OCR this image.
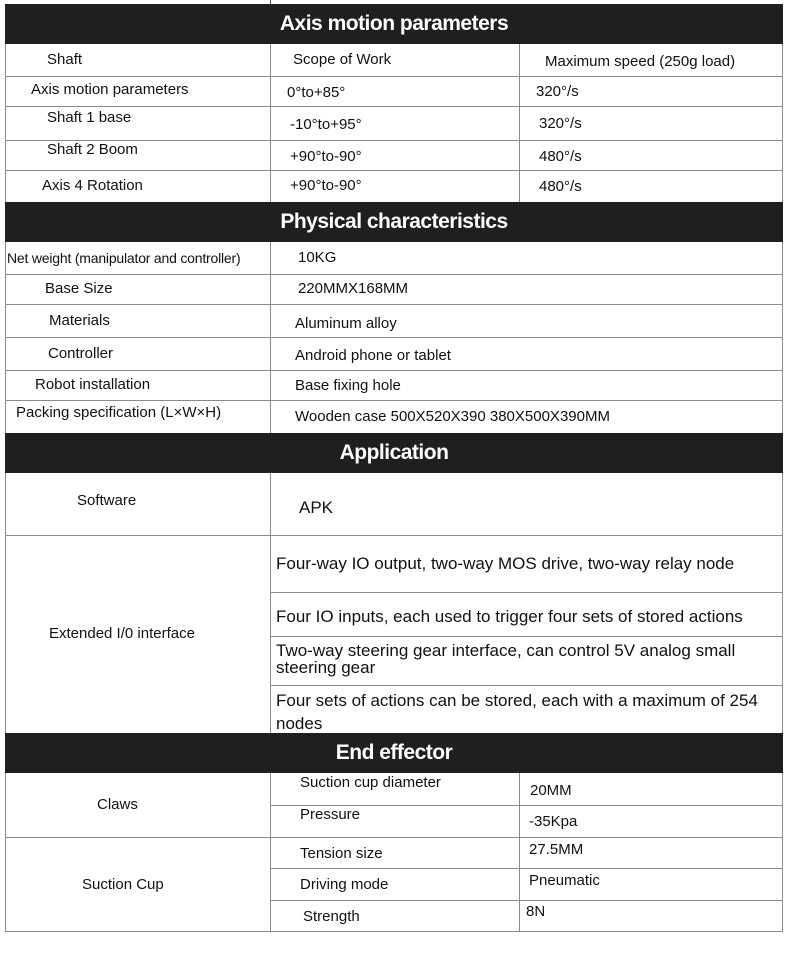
Axis motion parameters
Shaft	Scope of Work	Maximum speed (250g load)
Axis motion parameters	0°to+85°	320°/s
Shaft 1 base	-10°to+95°	320°/s
Shaft 2 Boom	+90°to-90°	480°/s
Axis 4 Rotation	+90°to-90°	480°/s
Physical characteristics
Net weight (manipulator and controller)	10KG
Base Size	220MMX168MM
Materials	Aluminum alloy
Controller	Android phone or tablet
Robot installation	Base fixing hole
Packing specification (L×W×H)	Wooden case 500X520X390 380X500X390MM
Application
Software	APK
Extended I/0 interface
Four-way IO output, two-way MOS drive, two-way relay node
Four IO inputs, each used to trigger four sets of stored actions
Two-way steering gear interface, can control 5V analog small steering gear
Four sets of actions can be stored, each with a maximum of 254 nodes
End effector
Claws
Suction cup diameter	20MM
Pressure	-35Kpa
Suction Cup
Tension size	27.5MM
Driving mode	Pneumatic
Strength	8N
